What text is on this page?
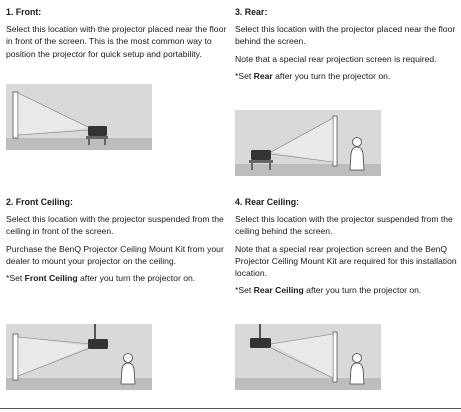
1. Front:

Select this location with the projector placed near the floor in front of the screen. This is the most common way to position the projector for quick setup and portability.

3. Rear:

Select this location with the projector placed near the floor behind the screen.

Note that a special rear projection screen is required.

*Set Rear after you turn the projector on.

2. Front Ceiling:

Select this location with the projector suspended from the ceiling in front of the screen.

Purchase the BenQ Projector Ceiling Mount Kit from your dealer to mount your projector on the ceiling.

*Set Front Ceiling after you turn the projector on.

4. Rear Ceiling:

Select this location with the projector suspended from the ceiling behind the screen.

Note that a special rear projection screen and the BenQ Projector Ceiling Mount Kit are required for this installation location.

*Set Rear Ceiling after you turn the projector on.
